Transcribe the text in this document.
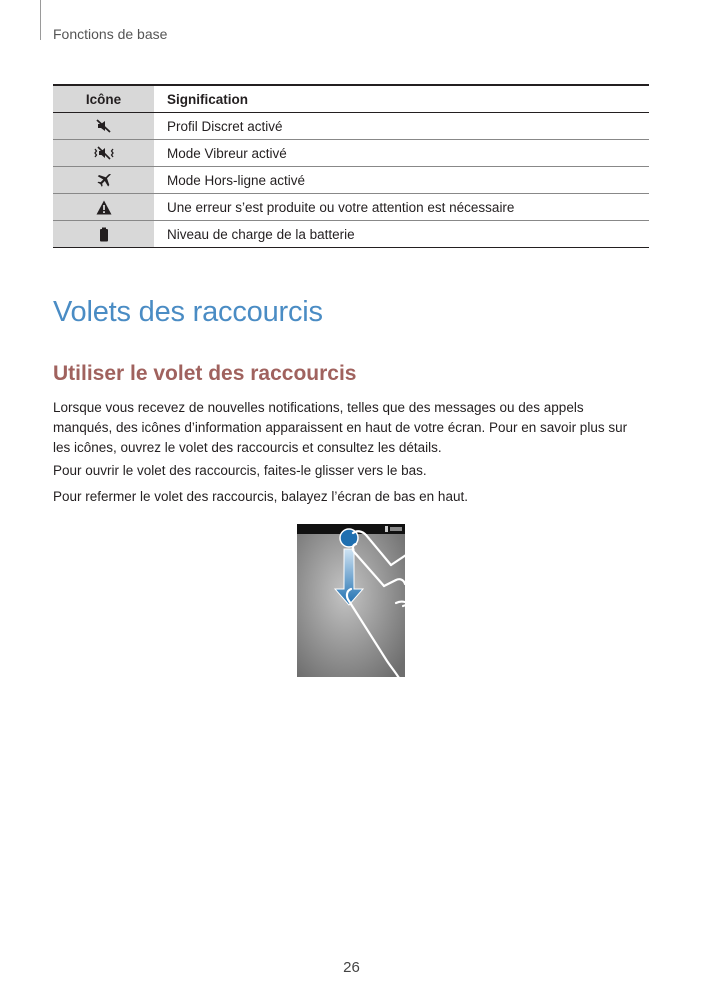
Fonctions de base
Icône	Signification

	Profil Discret activé

	Mode Vibreur activé

	Mode Hors-ligne activé

	Une erreur s’est produite ou votre attention est nécessaire

	Niveau de charge de la batterie
Volets des raccourcis
Utiliser le volet des raccourcis

Lorsque vous recevez de nouvelles notifications, telles que des messages ou des appels manqués, des icônes d’information apparaissent en haut de votre écran. Pour en savoir plus sur les icônes, ouvrez le volet des raccourcis et consultez les détails.

Pour ouvrir le volet des raccourcis, faites-le glisser vers le bas.

Pour refermer le volet des raccourcis, balayez l’écran de bas en haut.

26
